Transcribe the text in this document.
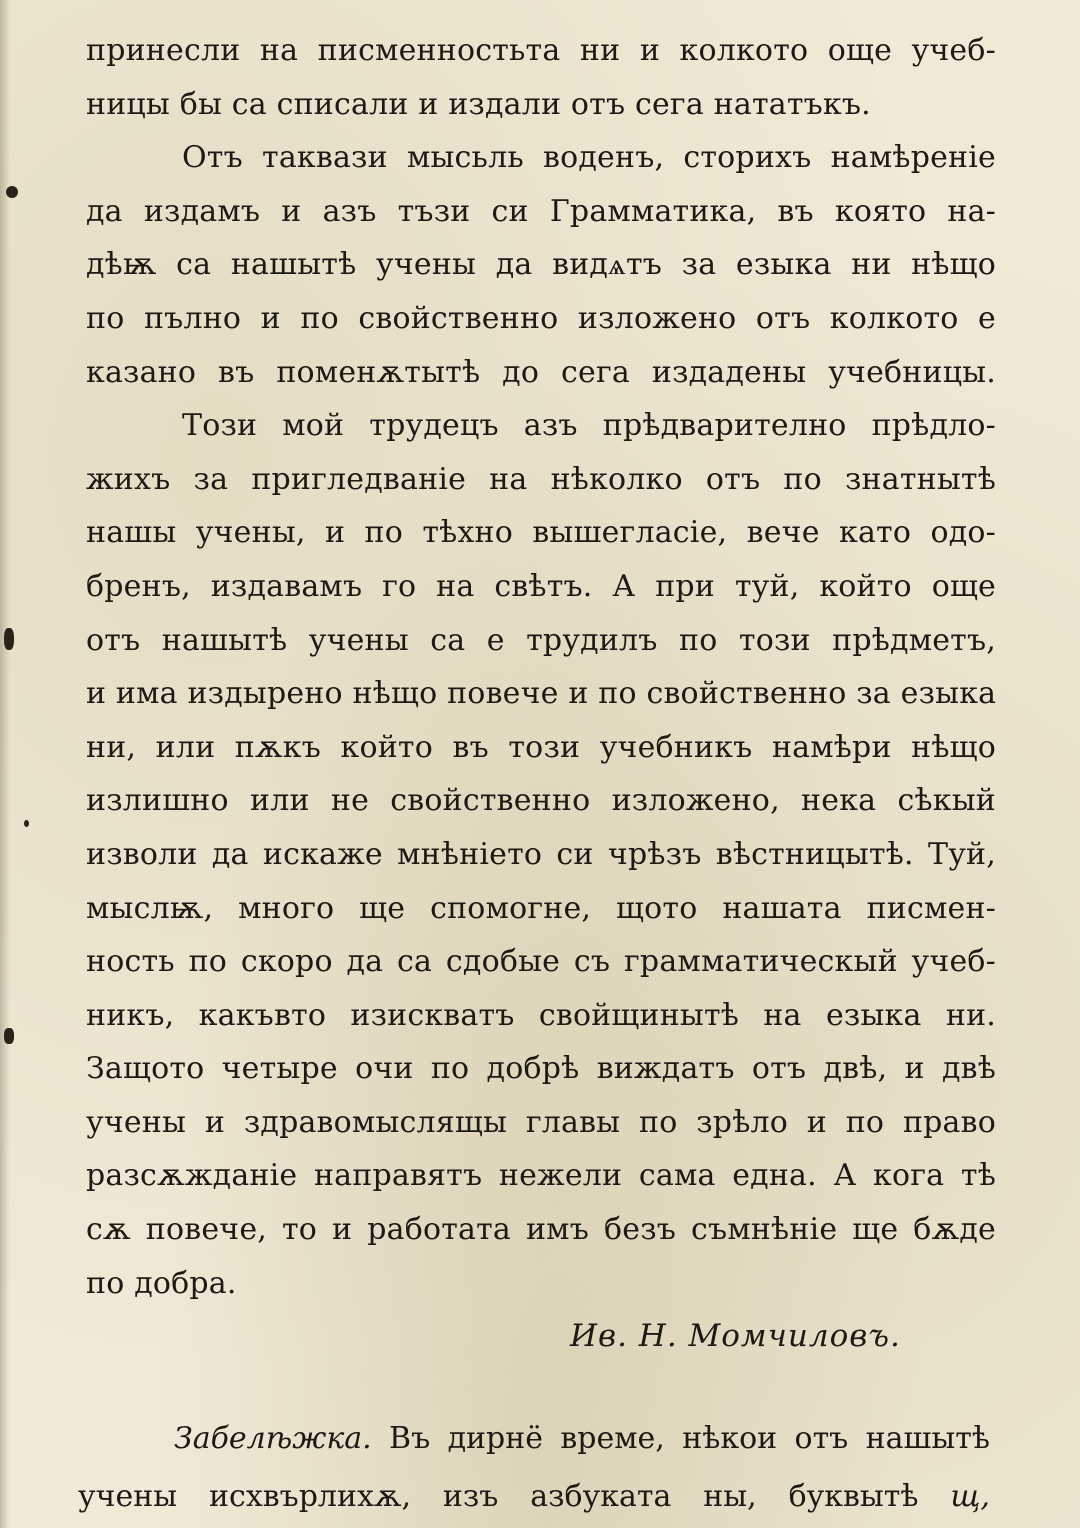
принесли на писменностьта ни и колкото още учеб-
ницы бы са списали и издали отъ сега нататъкъ.
Отъ таквази мысьль воденъ, сторихъ намѣреніе
да издамъ и азъ тъзи си Грамматика, въ която на-
дѣѭ са нашытѣ учены да видѧтъ за езыка ни нѣщо
по пълно и по свойственно изложено отъ колкото е
казано въ поменѫтытѣ до сега издадены учебницы.
Този мой трудецъ азъ прѣдварително прѣдло-
жихъ за пригледваніе на нѣколко отъ по знатнытѣ
нашы учены, и по тѣхно вышегласіе, вече като одо-
бренъ, издавамъ го на свѣтъ. А при туй, който още
отъ нашытѣ учены са е трудилъ по този прѣдметъ,
и има издырено нѣщо повече и по свойственно за езыка
ни, или пѫкъ който въ този учебникъ намѣри нѣщо
излишно или не свойственно изложено, нека сѣкый
изволи да искаже мнѣніето си чрѣзъ вѣстницытѣ. Туй,
мыслѭ, много ще спомогне, щото нашата писмен-
ность по скоро да са сдобые съ грамматическый учеб-
никъ, какъвто изискватъ свойщинытѣ на езыка ни.
Защото четыре очи по добрѣ виждатъ отъ двѣ, и двѣ
учены и здравомыслящы главы по зрѣло и по право
разсѫжданіе направятъ нежели сама една. А кога тѣ
сѫ повече, то и работата имъ безъ съмнѣніе ще бѫде
по добра.
Ив. Н. Момчиловъ.
Забелѣжка. Въ дирнё време, нѣкои отъ нашытѣ
учены исхвърлихѫ, изъ азбуката ны, буквытѣ щ,
